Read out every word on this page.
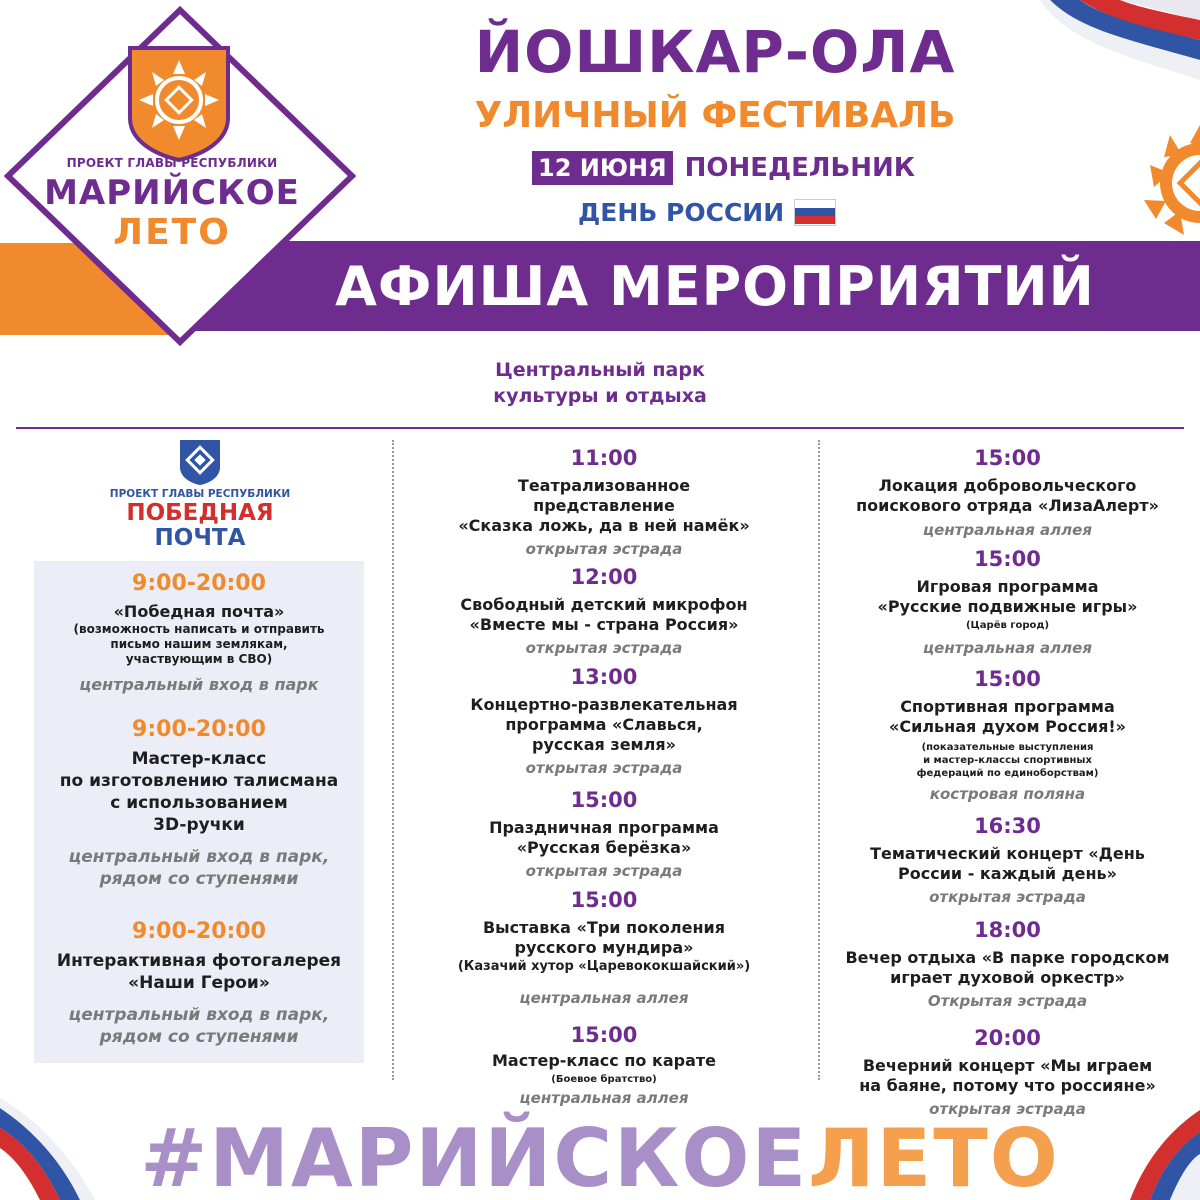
АФИША МЕРОПРИЯТИЙ
ПРОЕКТ ГЛАВЫ РЕСПУБЛИКИ
МАРИЙСКОЕ
ЛЕТО
ЙОШКАР-ОЛА
УЛИЧНЫЙ ФЕСТИВАЛЬ
12 ИЮНЯ ПОНЕДЕЛЬНИК
ДЕНЬ РОССИИ
Центральный парк
культуры и отдыха
ПРОЕКТ ГЛАВЫ РЕСПУБЛИКИ
ПОБЕДНАЯ
ПОЧТА
9:00-20:00
«Победная почта»
(возможность написать и отправить
письмо нашим землякам,
участвующим в СВО)
центральный вход в парк
9:00-20:00
Мастер-класс
по изготовлению талисмана
с использованием
3D-ручки
центральный вход в парк,
рядом со ступенями
9:00-20:00
Интерактивная фотогалерея
«Наши Герои»
центральный вход в парк,
рядом со ступенями
11:00
Театрализованное
представление
«Сказка ложь, да в ней намёк»
открытая эстрада
12:00
Свободный детский микрофон
«Вместе мы - страна Россия»
открытая эстрада
13:00
Концертно-развлекательная
программа «Славься,
русская земля»
открытая эстрада
15:00
Праздничная программа
«Русская берёзка»
открытая эстрада
15:00
Выставка «Три поколения
русского мундира»
(Казачий хутор «Царевококшайский»)
центральная аллея
15:00
Мастер-класс по карате
(Боевое братство)
центральная аллея
15:00
Локация добровольческого
поискового отряда «ЛизаАлерт»
центральная аллея
15:00
Игровая программа
«Русские подвижные игры»
(Царёв город)
центральная аллея
15:00
Спортивная программа
«Сильная духом Россия!»
(показательные выступления
и мастер-классы спортивных
федераций по единоборствам)
костровая поляна
16:30
Тематический концерт «День
России - каждый день»
открытая эстрада
18:00
Вечер отдыха «В парке городском
играет духовой оркестр»
Открытая эстрада
20:00
Вечерний концерт «Мы играем
на баяне, потому что россияне»
открытая эстрада
#МАРИЙСКОЕЛЕТО
